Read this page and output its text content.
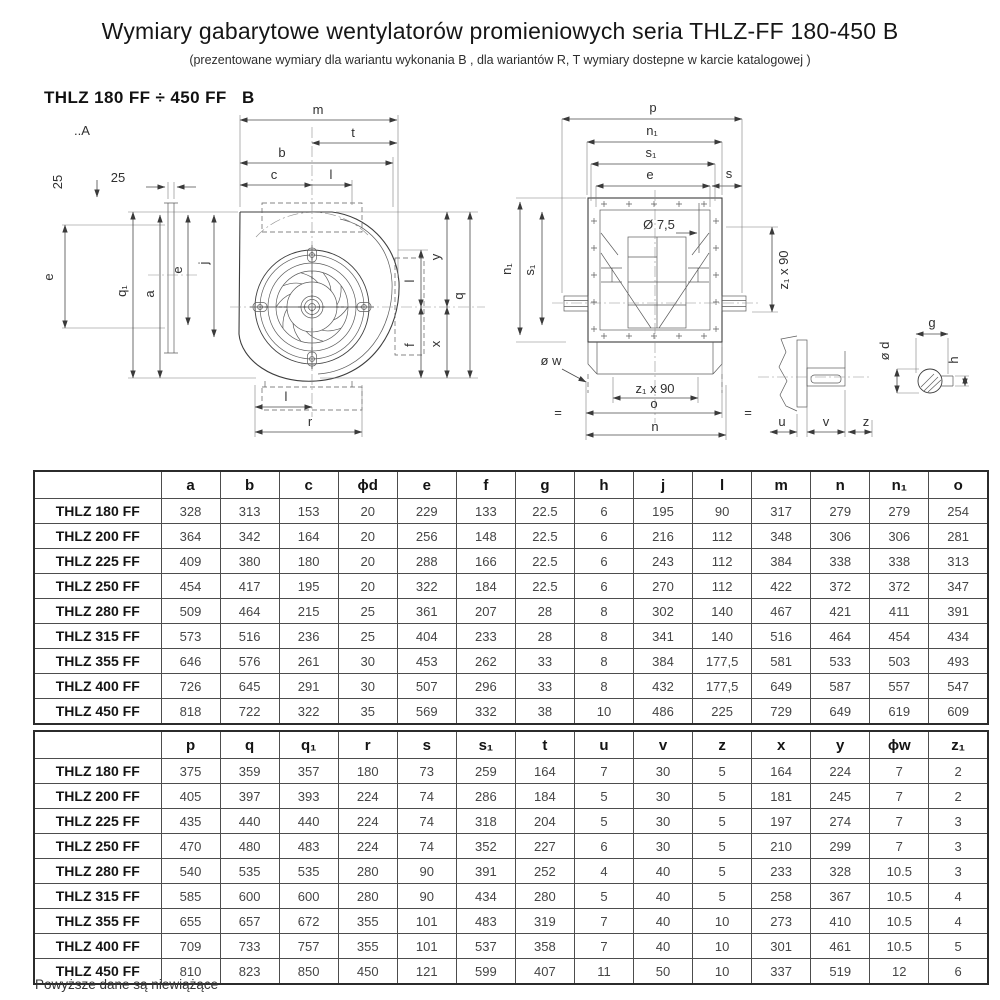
Wymiary gabarytowe wentylatorów promieniowych seria THLZ-FF 180-450 B
(prezentowane wymiary dla wariantu wykonania B , dla wariantów R, T wymiary dostepne w karcie katalogowej )
THLZ 180 FF ÷ 450 FF   B
..A
25	25
e
m
t
b
c	l
q₁ a
e
j
l
f
y
x
q
l
r
p
n₁
s₁
e	s
n₁ s₁
Ø 7,5
z₁ x 90
ø w
z₁ x 90
o
=	=
n	u	v	z
g
ø d	h
	a	b	c	ϕd	e	f	g	h	j	l	m	n	n₁	o
THLZ 180 FF	328	313	153	20	229	133	22.5	6	195	90	317	279	279	254
THLZ 200 FF	364	342	164	20	256	148	22.5	6	216	112	348	306	306	281
THLZ 225 FF	409	380	180	20	288	166	22.5	6	243	112	384	338	338	313
THLZ 250 FF	454	417	195	20	322	184	22.5	6	270	112	422	372	372	347
THLZ 280 FF	509	464	215	25	361	207	28	8	302	140	467	421	411	391
THLZ 315 FF	573	516	236	25	404	233	28	8	341	140	516	464	454	434
THLZ 355 FF	646	576	261	30	453	262	33	8	384	177,5	581	533	503	493
THLZ 400 FF	726	645	291	30	507	296	33	8	432	177,5	649	587	557	547
THLZ 450 FF	818	722	322	35	569	332	38	10	486	225	729	649	619	609
	p	q	q₁	r	s	s₁	t	u	v	z	x	y	ϕw	z₁
THLZ 180 FF	375	359	357	180	73	259	164	7	30	5	164	224	7	2
THLZ 200 FF	405	397	393	224	74	286	184	5	30	5	181	245	7	2
THLZ 225 FF	435	440	440	224	74	318	204	5	30	5	197	274	7	3
THLZ 250 FF	470	480	483	224	74	352	227	6	30	5	210	299	7	3
THLZ 280 FF	540	535	535	280	90	391	252	4	40	5	233	328	10.5	3
THLZ 315 FF	585	600	600	280	90	434	280	5	40	5	258	367	10.5	4
THLZ 355 FF	655	657	672	355	101	483	319	7	40	10	273	410	10.5	4
THLZ 400 FF	709	733	757	355	101	537	358	7	40	10	301	461	10.5	5
THLZ 450 FF	810	823	850	450	121	599	407	11	50	10	337	519	12	6
Powyższe dane są niewiążące
